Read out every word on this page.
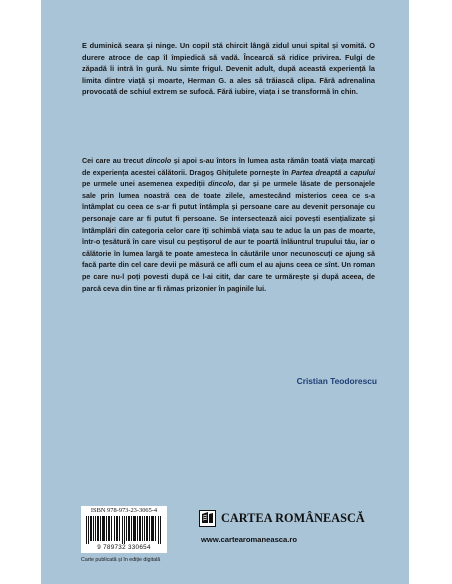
E duminică seara și ninge. Un copil stă chircit lângă zidul unui spital și vomită. O durere atroce de cap îl împiedică să vadă. Încearcă să ridice privirea. Fulgi de zăpadă îi intră în gură. Nu simte frigul. Devenit adult, după această experiență la limita dintre viață și moarte, Herman G. a ales să trăiască clipa. Fără adrenalina provocată de schiul extrem se sufocă. Fără iubire, viața i se transformă în chin.

Cei care au trecut dincolo și apoi s-au întors în lumea asta rămân toată viața marcați de experiența acestei călătorii. Dragoș Ghițulete pornește în Partea dreaptă a capului pe urmele unei asemenea expediții dincolo, dar și pe urmele lăsate de personajele sale prin lumea noastră cea de toate zilele, amestecând misterios ceea ce s-a întâmplat cu ceea ce s-ar fi putut întâmpla și persoane care au devenit personaje cu personaje care ar fi putut fi persoane. Se intersectează aici povești esențializate și întâmplări din categoria celor care îți schimbă viața sau te aduc la un pas de moarte, într-o țesătură în care visul cu peștișorul de aur te poartă înlăuntrul trupului tău, iar o călătorie în lumea largă te poate amesteca în căutările unor necunoscuți ce ajung să facă parte din cel care devii pe măsură ce afli cum el au ajuns ceea ce sînt. Un roman pe care nu-l poți povesti după ce l-ai citit, dar care te urmărește și după aceea, de parcă ceva din tine ar fi rămas prizonier în paginile lui.

Cristian Teodorescu
ISBN 978-973-23-3065-4
9 789732 330654
Carte publicată și în ediție digitală
CARTEA ROMÂNEASCĂ
www.cartearomaneasca.ro
